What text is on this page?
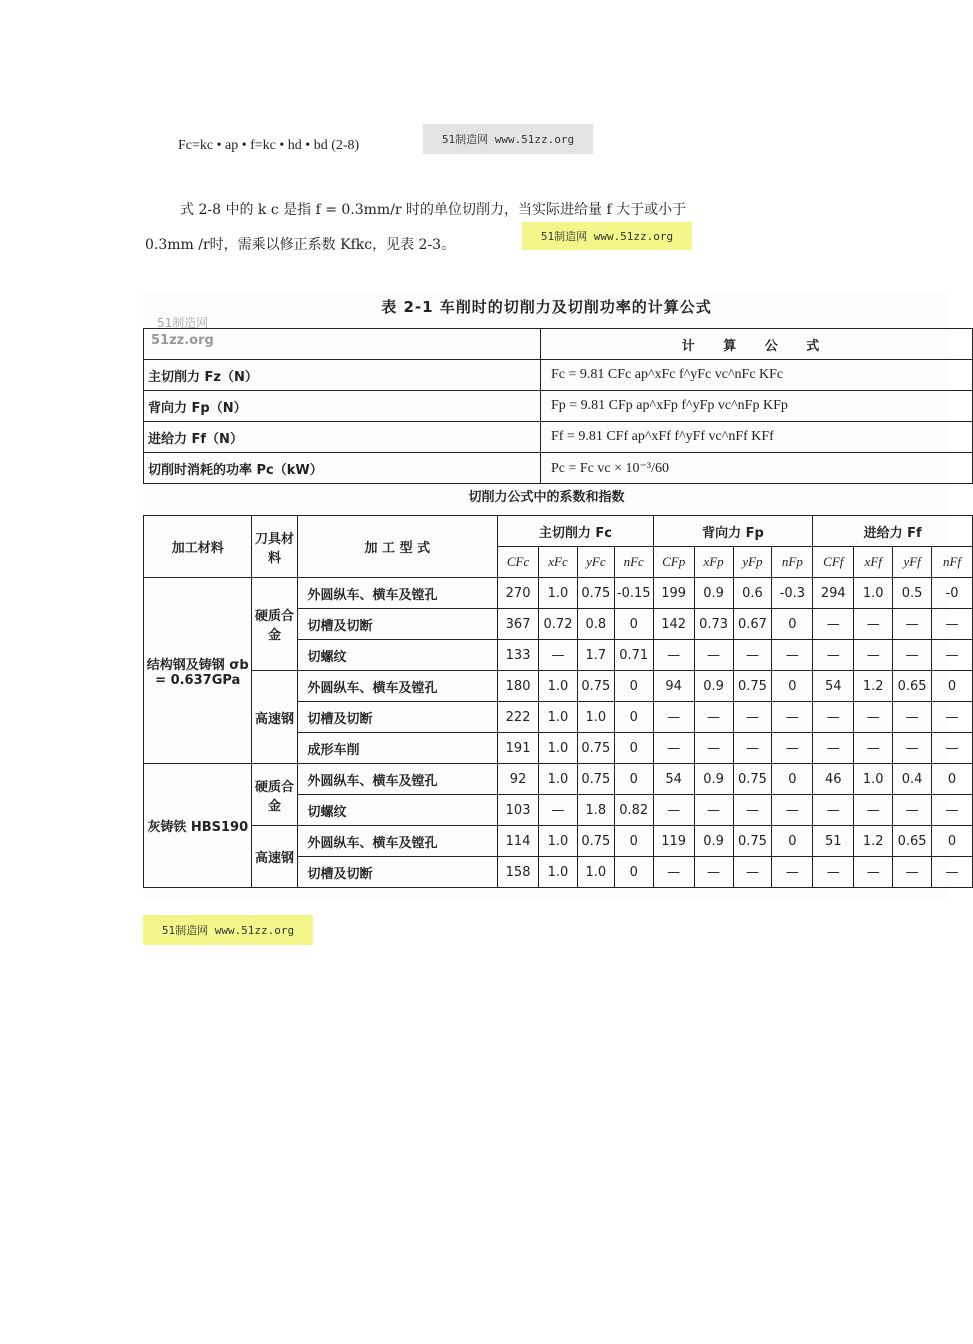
Fc=kc • ap • f=kc • hd • bd (2-8)	51制造网 www.51zz.org
式 2-8 中的 k c 是指 f = 0.3mm/r 时的单位切削力，当实际进给量 f 大于或小于
0.3mm /r时，需乘以修正系数 Kfkc，见表 2-3。
51制造网 www.51zz.org
表 2-1 车削时的切削力及切削功率的计算公式
51制造网
51zz.org
		计 算 公 式
主切削力 Fz（N）	Fc = 9.81 CFc ap^xFc f^yFc vc^nFc KFc
背向力 Fp（N）	Fp = 9.81 CFp ap^xFp f^yFp vc^nFp KFp
进给力 Ff（N）	Ff = 9.81 CFf ap^xFf f^yFf vc^nFf KFf
切削时消耗的功率 Pc（kW）	Pc = Fc vc × 10⁻³/60
切削力公式中的系数和指数
加工材料	刀具材料	加 工 型 式	主切削力 Fc				背向力 Fp				进给力 Ff			
			CFc	xFc	yFc	nFc	CFp	xFp	yFp	nFp	CFf	xFf	yFf	nFf
结构钢及铸钢 σb = 0.637GPa	硬质合金	外圆纵车、横车及镗孔	270	1.0	0.75	-0.15	199	0.9	0.6	-0.3	294	1.0	0.5	-0
		切槽及切断	367	0.72	0.8	0	142	0.73	0.67	0	—	—	—	—
		切螺纹	133	—	1.7	0.71	—	—	—	—	—	—	—	—
	高速钢	外圆纵车、横车及镗孔	180	1.0	0.75	0	94	0.9	0.75	0	54	1.2	0.65	0
		切槽及切断	222	1.0	1.0	0	—	—	—	—	—	—	—	—
		成形车削	191	1.0	0.75	0	—	—	—	—	—	—	—	—
灰铸铁 HBS190	硬质合金	外圆纵车、横车及镗孔	92	1.0	0.75	0	54	0.9	0.75	0	46	1.0	0.4	0
		切螺纹	103	—	1.8	0.82	—	—	—	—	—	—	—	—
	高速钢	外圆纵车、横车及镗孔	114	1.0	0.75	0	119	0.9	0.75	0	51	1.2	0.65	0
		切槽及切断	158	1.0	1.0	0	—	—	—	—	—	—	—	—
51制造网 www.51zz.org
